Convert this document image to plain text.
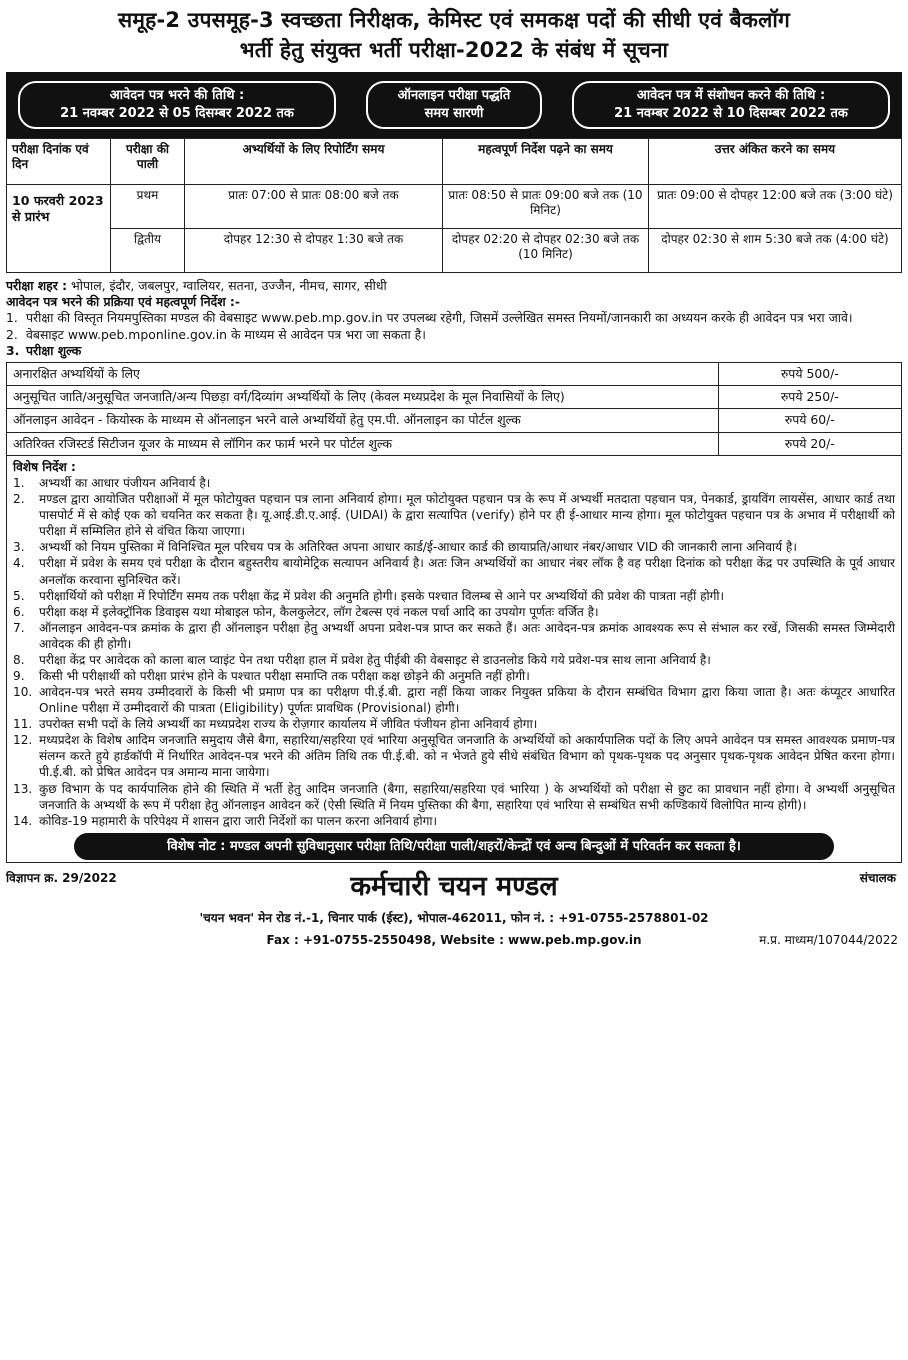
समूह-2 उपसमूह-3 स्वच्छता निरीक्षक, केमिस्ट एवं समकक्ष पदों की सीधी एवं बैकलॉग
भर्ती हेतु संयुक्त भर्ती परीक्षा-2022 के संबंध में सूचना
आवेदन पत्र भरने की तिथि :
21 नवम्बर 2022 से 05 दिसम्बर 2022 तक
ऑनलाइन परीक्षा पद्धति
समय सारणी
आवेदन पत्र में संशोधन करने की तिथि :
21 नवम्बर 2022 से 10 दिसम्बर 2022 तक
परीक्षा दिनांक एवं दिन	परीक्षा की पाली	अभ्यर्थियों के लिए रिपोर्टिंग समय	महत्वपूर्ण निर्देश पढ़ने का समय	उत्तर अंकित करने का समय
10 फरवरी 2023 से प्रारंभ	प्रथम	प्रातः 07:00 से प्रातः 08:00 बजे तक	प्रातः 08:50 से प्रातः 09:00 बजे तक (10 मिनिट)	प्रातः 09:00 से दोपहर 12:00 बजे तक (3:00 घंटे)
	द्वितीय	दोपहर 12:30 से दोपहर 1:30 बजे तक	दोपहर 02:20 से दोपहर 02:30 बजे तक (10 मिनिट)	दोपहर 02:30 से शाम 5:30 बजे तक (4:00 घंटे)
परीक्षा शहर : भोपाल, इंदौर, जबलपुर, ग्वालियर, सतना, उज्जैन, नीमच, सागर, सीधी
आवेदन पत्र भरने की प्रक्रिया एवं महत्वपूर्ण निर्देश :-
1. परीक्षा की विस्तृत नियमपुस्तिका मण्डल की वेबसाइट www.peb.mp.gov.in पर उपलब्ध रहेगी, जिसमें उल्लेखित समस्त नियमों/जानकारी का अध्ययन करके ही आवेदन पत्र भरा जावे।
2. वेबसाइट www.peb.mponline.gov.in के माध्यम से आवेदन पत्र भरा जा सकता है।
3. परीक्षा शुल्क
अनारक्षित अभ्यर्थियों के लिए	रुपये 500/-
अनुसूचित जाति/अनुसूचित जनजाति/अन्य पिछड़ा वर्ग/दिव्यांग अभ्यर्थियों के लिए (केवल मध्यप्रदेश के मूल निवासियों के लिए)	रुपये 250/-
ऑनलाइन आवेदन - कियोस्क के माध्यम से ऑनलाइन भरने वाले अभ्यर्थियों हेतु एम.पी. ऑनलाइन का पोर्टल शुल्क	रुपये 60/-
अतिरिक्त रजिस्टर्ड सिटीजन यूजर के माध्यम से लॉगिन कर फार्म भरने पर पोर्टल शुल्क	रुपये 20/-
विशेष निर्देश :
1.	अभ्यर्थी का आधार पंजीयन अनिवार्य है।
2.	मण्डल द्वारा आयोजित परीक्षाओं में मूल फोटोयुक्त पहचान पत्र लाना अनिवार्य होगा। मूल फोटोयुक्त पहचान पत्र के रूप में अभ्यर्थी मतदाता पहचान पत्र, पेनकार्ड, ड्रायविंग लायसेंस, आधार कार्ड तथा पासपोर्ट में से कोई एक को चयनित कर सकता है। यू.आई.डी.ए.आई. (UIDAI) के द्वारा सत्यापित (verify) होने पर ही ई-आधार मान्य होगा। मूल फोटोयुक्त पहचान पत्र के अभाव में परीक्षार्थी को परीक्षा में सम्मिलित होने से वंचित किया जाएगा।
3.	अभ्यर्थी को नियम पुस्तिका में विनिश्चित मूल परिचय पत्र के अतिरिक्त अपना आधार कार्ड/ई-आधार कार्ड की छायाप्रति/आधार नंबर/आधार VID की जानकारी लाना अनिवार्य है।
4.	परीक्षा में प्रवेश के समय एवं परीक्षा के दौरान बहुस्तरीय बायोमेट्रिक सत्यापन अनिवार्य है। अतः जिन अभ्यर्थियों का आधार नंबर लॉक है वह परीक्षा दिनांक को परीक्षा केंद्र पर उपस्थिति के पूर्व आधार अनलॉक करवाना सुनिश्चित करें।
5.	परीक्षार्थियों को परीक्षा में रिपोर्टिंग समय तक परीक्षा केंद्र में प्रवेश की अनुमति होगी। इसके पश्चात विलम्ब से आने पर अभ्यर्थियों की प्रवेश की पात्रता नहीं होगी।
6.	परीक्षा कक्ष में इलेक्ट्रॉनिक डिवाइस यथा मोबाइल फोन, कैलकुलेटर, लॉग टेबल्स एवं नकल पर्चा आदि का उपयोग पूर्णतः वर्जित है।
7.	ऑनलाइन आवेदन-पत्र क्रमांक के द्वारा ही ऑनलाइन परीक्षा हेतु अभ्यर्थी अपना प्रवेश-पत्र प्राप्त कर सकते हैं। अतः आवेदन-पत्र क्रमांक आवश्यक रूप से संभाल कर रखें, जिसकी समस्त जिम्मेदारी आवेदक की ही होगी।
8.	परीक्षा केंद्र पर आवेदक को काला बाल प्वाइंट पेन तथा परीक्षा हाल में प्रवेश हेतु पीईबी की वेबसाइट से डाउनलोड किये गये प्रवेश-पत्र साथ लाना अनिवार्य है।
9.	किसी भी परीक्षार्थी को परीक्षा प्रारंभ होने के पश्चात परीक्षा समाप्ति तक परीक्षा कक्ष छोड़ने की अनुमति नहीं होगी।
10. आवेदन-पत्र भरते समय उम्मीदवारों के किसी भी प्रमाण पत्र का परीक्षण पी.ई.बी. द्वारा नहीं किया जाकर नियुक्त प्रकिया के दौरान सम्बंधित विभाग द्वारा किया जाता है। अतः कंप्यूटर आधारित Online परीक्षा में उम्मीदवारों की पात्रता (Eligibility) पूर्णतः प्रावधिक (Provisional) होगी।
11. उपरोक्त सभी पदों के लिये अभ्यर्थी का मध्यप्रदेश राज्य के रोज़गार कार्यालय में जीवित पंजीयन होना अनिवार्य होगा।
12. मध्यप्रदेश के विशेष आदिम जनजाति समुदाय जैसे बैगा, सहारिया/सहरिया एवं भारिया अनुसूचित जनजाति के अभ्यर्थियों को अकार्यपालिक पदों के लिए अपने आवेदन पत्र समस्त आवश्यक प्रमाण-पत्र संलग्न करते हुये हार्डकॉपी में निर्धारित आवेदन-पत्र भरने की अंतिम तिथि तक पी.ई.बी. को न भेजते हुये सीधे संबंधित विभाग को पृथक-पृथक पद अनुसार पृथक-पृथक आवेदन प्रेषित करना होगा। पी.ई.बी. को प्रेषित आवेदन पत्र अमान्य माना जायेगा।
13. कुछ विभाग के पद कार्यपालिक होने की स्थिति में भर्ती हेतु आदिम जनजाति (बैगा, सहारिया/सहरिया एवं भारिया ) के अभ्यर्थियों को परीक्षा से छुट का प्रावधान नहीं होगा। वे अभ्यर्थी अनुसूचित जनजाति के अभ्यर्थी के रूप में परीक्षा हेतु ऑनलाइन आवेदन करें (ऐसी स्थिति में नियम पुस्तिका की बैगा, सहारिया एवं भारिया से सम्बंधित सभी कण्डिकायें विलोपित मान्य होगी)।
14. कोविड-19 महामारी के परिपेक्ष्य में शासन द्वारा जारी निर्देशों का पालन करना अनिवार्य होगा।
विशेष नोट : मण्डल अपनी सुविधानुसार परीक्षा तिथि/परीक्षा पाली/शहरों/केन्द्रों एवं अन्य बिन्दुओं में परिवर्तन कर सकता है।
विज्ञापन क्र. 29/2022	कर्मचारी चयन मण्डल	संचालक
'चयन भवन' मेन रोड नं.-1, चिनार पार्क (ईस्ट), भोपाल-462011, फोन नं. : +91-0755-2578801-02
Fax : +91-0755-2550498, Website : www.peb.mp.gov.in	म.प्र. माध्यम/107044/2022
